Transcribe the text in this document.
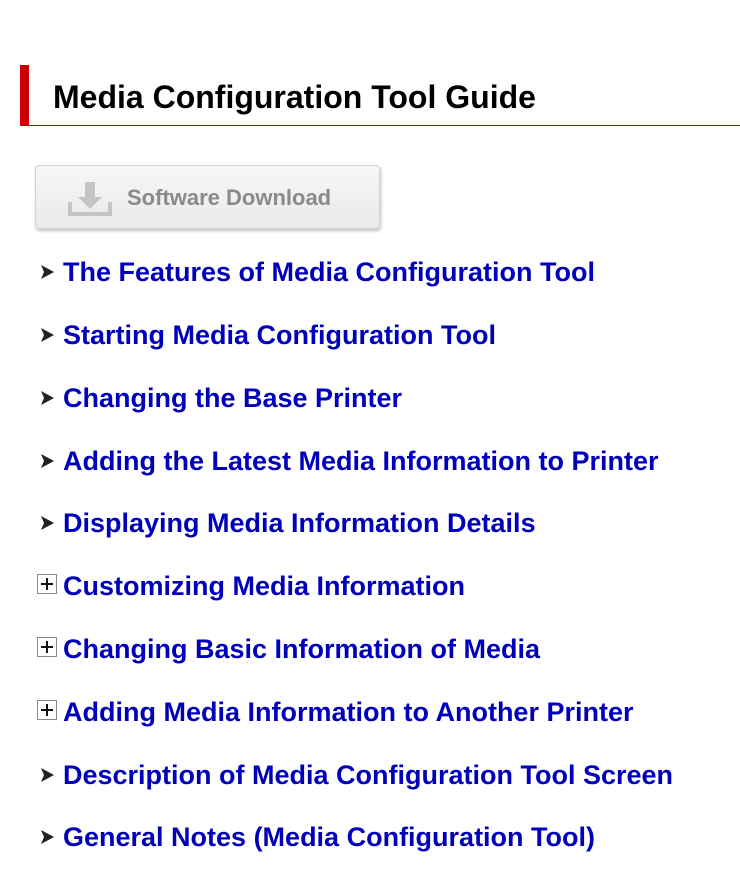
Media Configuration Tool Guide
Software Download
The Features of Media Configuration Tool
Starting Media Configuration Tool
Changing the Base Printer
Adding the Latest Media Information to Printer
Displaying Media Information Details
Customizing Media Information
Changing Basic Information of Media
Adding Media Information to Another Printer
Description of Media Configuration Tool Screen
General Notes (Media Configuration Tool)
